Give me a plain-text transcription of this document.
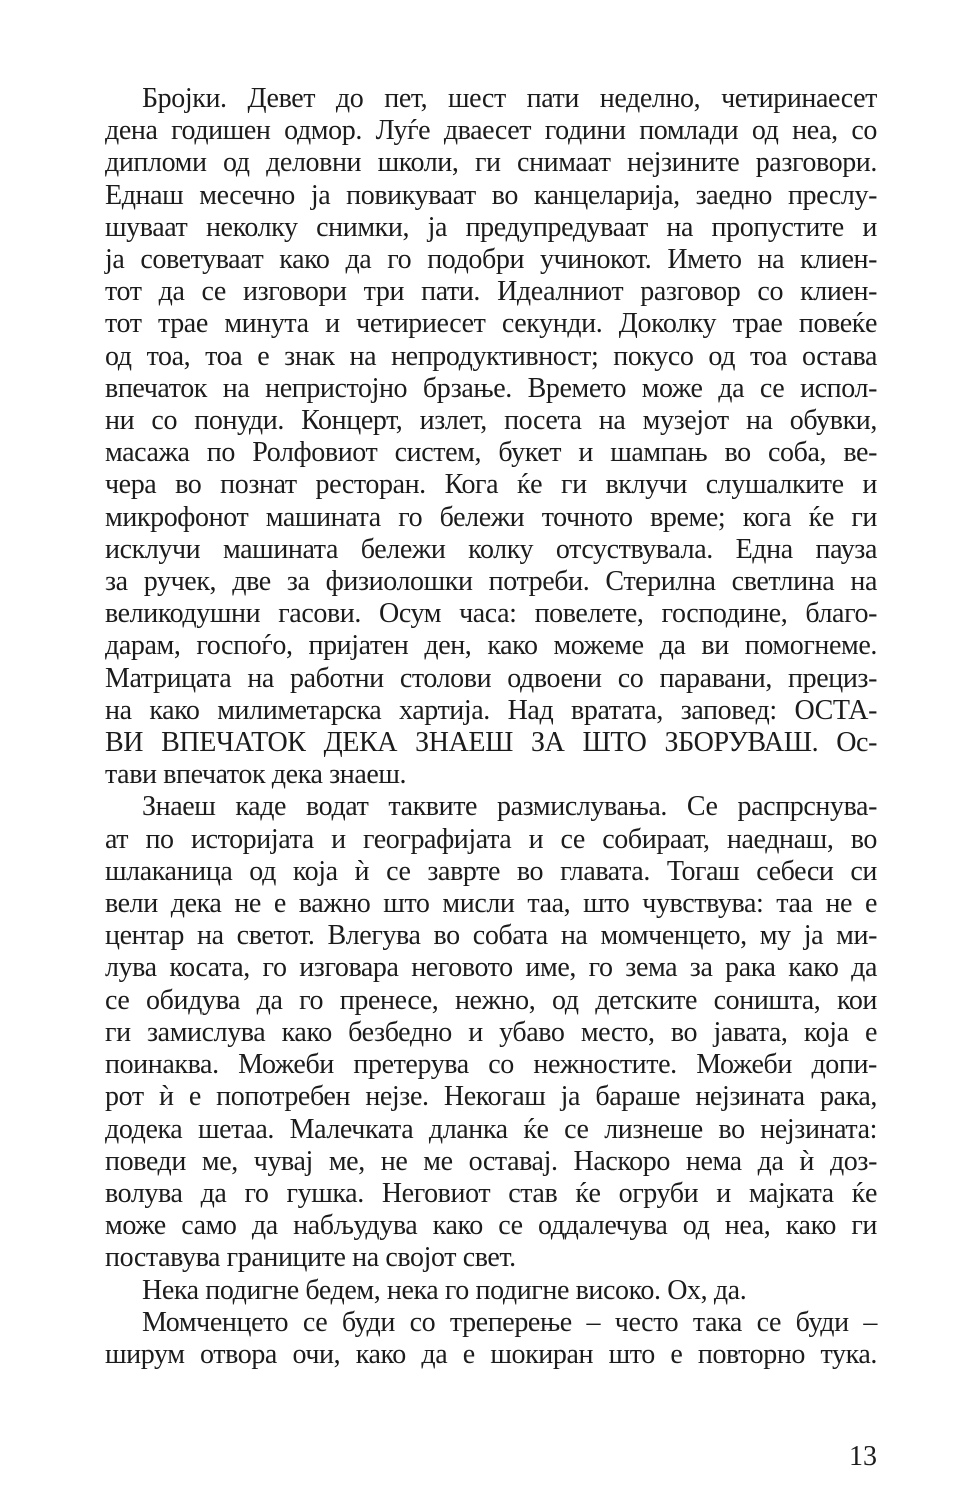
Бројки. Девет до пет, шест пати неделно, четиринаесет
дена годишен одмор. Луѓе дваесет години помлади од неа, со
дипломи од деловни школи, ги снимаат нејзините разговори.
Еднаш месечно ја повикуваат во канцеларија, заедно преслу-
шуваат неколку снимки, ја предупредуваат на пропустите и
ја советуваат како да го подобри учинокот. Името на клиен-
тот да се изговори три пати. Идеалниот разговор со клиен-
тот трае минута и четириесет секунди. Доколку трае повеќе
од тоа, тоа е знак на непродуктивност; покусо од тоа остава
впечаток на непристојно брзање. Времето може да се испол-
ни со понуди. Концерт, излет, посета на музејот на обувки,
масажа по Ролфовиот систем, букет и шампањ во соба, ве-
чера во познат ресторан. Кога ќе ги вклучи слушалките и
микрофонот машината го бележи точното време; кога ќе ги
исклучи машината бележи колку отсуствувала. Една пауза
за ручек, две за физиолошки потреби. Стерилна светлина на
великодушни гасови. Осум часа: повелете, господине, благо-
дарам, госпоѓо, пријатен ден, како можеме да ви помогнеме.
Матрицата на работни столови одвоени со паравани, прециз-
на како милиметарска хартија. Над вратата, заповед: ОСТА-
ВИ ВПЕЧАТОК ДЕКА ЗНАЕШ ЗА ШТО ЗБОРУВАШ. Ос-
тави впечаток дека знаеш.
Знаеш каде водат таквите размислувања. Се распрснува-
ат по историјата и географијата и се собираат, наеднаш, во
шлаканица од која ѝ се заврте во главата. Тогаш себеси си
вели дека не е важно што мисли таа, што чувствува: таа не е
центар на светот. Влегува во собата на момченцето, му ја ми-
лува косата, го изговара неговото име, го зема за рака како да
се обидува да го пренесе, нежно, од детските соништа, кои
ги замислува како безбедно и убаво место, во јавата, која е
поинаква. Можеби претерува со нежностите. Можеби допи-
рот ѝ е попотребен нејзе. Некогаш ја бараше нејзината рака,
додека шетаа. Малечката дланка ќе се лизнеше во нејзината:
поведи ме, чувај ме, не ме оставај. Наскоро нема да ѝ доз-
волува да го гушка. Неговиот став ќе огруби и мајката ќе
може само да набљудува како се оддалечува од неа, како ги
поставува границите на својот свет.
Нека подигне бедем, нека го подигне високо. Ох, да.
Момченцето се буди со треперење – често така се буди –
ширум отвора очи, како да е шокиран што е повторно тука.
13
